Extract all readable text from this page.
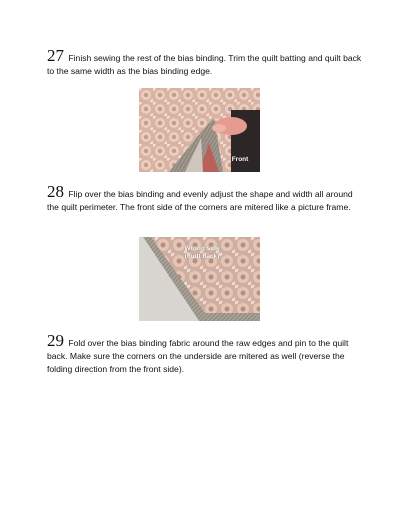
27 Finish sewing the rest of the bias binding. Trim the quilt batting and quilt back to the same width as the bias binding edge.
Front
28 Flip over the bias binding and evenly adjust the shape and width all around the quilt perimeter. The front side of the corners are mitered like a picture frame.
Wrong side
(quilt back)
29 Fold over the bias binding fabric around the raw edges and pin to the quilt back. Make sure the corners on the underside are mitered as well (reverse the folding direction from the front side).
